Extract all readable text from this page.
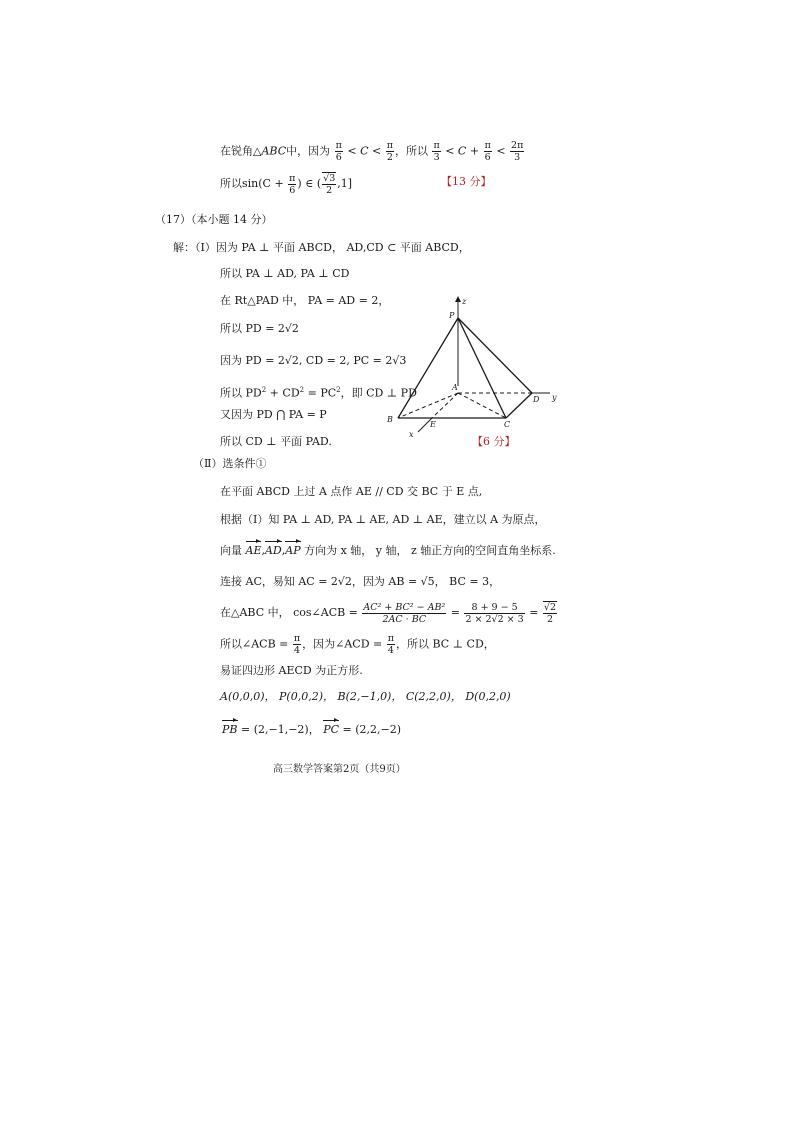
在锐角△ABC中，因为 $\frac{\pi}{6} < C < \frac{\pi}{2}$ ，所以 $\frac{\pi}{3} < C + \frac{\pi}{6} < \frac{2\pi}{3}$
所以$\sin(C + \frac{\pi}{6}$ ) ∈ ( $\frac{√3}{2} ,1$]	【13 分】
（17）（本小题 14 分）
解：（Ⅰ）因为 PA ⊥ 平面 ABCD， AD,CD ⊂ 平面 ABCD，
所以 PA ⊥ AD, PA ⊥ CD
在 Rt△PAD 中， PA = AD = 2，
所以 PD = 2√2
因为 PD = 2√2, CD = 2, PC = 2√3
所以 $PD^2 + CD^2 = PC^2$，即 CD ⊥ PD
又因为 PD ⋂ PA = P
所以 CD ⊥ 平面 PAD.	【6 分】
z
P
A
D y
B
E	C
x
（Ⅱ）选条件①
在平面 ABCD 上过 A 点作 AE // CD 交 BC 于 E 点,
根据（Ⅰ）知 PA ⊥ AD, PA ⊥ AE, AD ⊥ AE，建立以 A 为原点，
向量 AE,AD,AP 方向为 x 轴， y 轴， z 轴正方向的空间直角坐标系.
连接 AC，易知 AC = 2√2，因为 AB = √5， BC = 3，
在△ABC 中， cos∠ACB = $\frac{\text{AC² + BC² − AB²}}{2AC \cdot BC} = \frac{8 + 9 - 5}{2 \times 2√2 \times 3} = \frac{√2}{2}$
所以∠ACB = $\frac{\pi}{4}$ ，因为∠ACD = $\frac{\pi}{4}$ ，所以 BC ⊥ CD，
易证四边形 AECD 为正方形.
A(0,0,0)， P(0,0,2)， B(2,−1,0)， C(2,2,0)， D(0,2,0)
PB = (2,−1,−2)， PC = (2,2,−2)
高三数学答案第2页（共9页）
